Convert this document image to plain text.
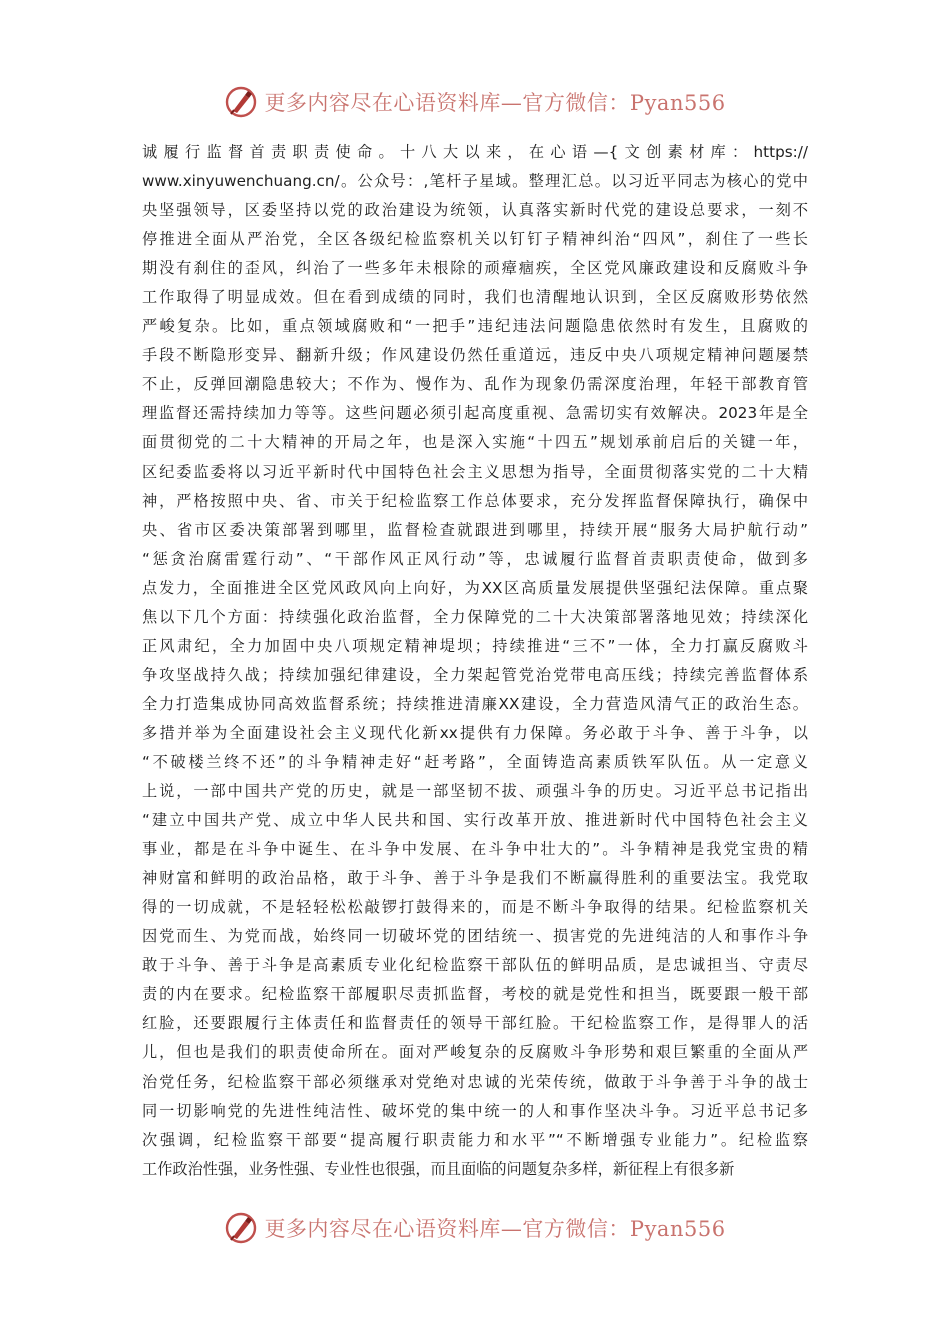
更多内容尽在心语资料库—官方微信：Pyan556
诚履行监督首责职责使命。十八大以来，在心语—{文创素材库：https://
www.xinyuwenchuang.cn/。公众号：,笔杆子星域。整理汇总。以习近平同志为核心的党中
央坚强领导，区委坚持以党的政治建设为统领，认真落实新时代党的建设总要求，一刻不
停推进全面从严治党，全区各级纪检监察机关以钉钉子精神纠治“四风”，刹住了一些长
期没有刹住的歪风，纠治了一些多年未根除的顽瘴痼疾，全区党风廉政建设和反腐败斗争
工作取得了明显成效。但在看到成绩的同时，我们也清醒地认识到，全区反腐败形势依然
严峻复杂。比如，重点领域腐败和“一把手”违纪违法问题隐患依然时有发生，且腐败的
手段不断隐形变异、翻新升级；作风建设仍然任重道远，违反中央八项规定精神问题屡禁
不止，反弹回潮隐患较大；不作为、慢作为、乱作为现象仍需深度治理，年轻干部教育管
理监督还需持续加力等等。这些问题必须引起高度重视、急需切实有效解决。2023年是全
面贯彻党的二十大精神的开局之年，也是深入实施“十四五”规划承前启后的关键一年，
区纪委监委将以习近平新时代中国特色社会主义思想为指导，全面贯彻落实党的二十大精
神，严格按照中央、省、市关于纪检监察工作总体要求，充分发挥监督保障执行，确保中
央、省市区委决策部署到哪里，监督检查就跟进到哪里，持续开展“服务大局护航行动”
“惩贪治腐雷霆行动”、“干部作风正风行动”等，忠诚履行监督首责职责使命，做到多
点发力，全面推进全区党风政风向上向好，为XX区高质量发展提供坚强纪法保障。重点聚
焦以下几个方面：持续强化政治监督，全力保障党的二十大决策部署落地见效；持续深化
正风肃纪，全力加固中央八项规定精神堤坝；持续推进“三不”一体，全力打赢反腐败斗
争攻坚战持久战；持续加强纪律建设，全力架起管党治党带电高压线；持续完善监督体系
全力打造集成协同高效监督系统；持续推进清廉XX建设，全力营造风清气正的政治生态。
多措并举为全面建设社会主义现代化新xx提供有力保障。务必敢于斗争、善于斗争，以
“不破楼兰终不还”的斗争精神走好“赶考路”，全面铸造高素质铁军队伍。从一定意义
上说，一部中国共产党的历史，就是一部坚韧不拔、顽强斗争的历史。习近平总书记指出
“建立中国共产党、成立中华人民共和国、实行改革开放、推进新时代中国特色社会主义
事业，都是在斗争中诞生、在斗争中发展、在斗争中壮大的”。斗争精神是我党宝贵的精
神财富和鲜明的政治品格，敢于斗争、善于斗争是我们不断赢得胜利的重要法宝。我党取
得的一切成就，不是轻轻松松敲锣打鼓得来的，而是不断斗争取得的结果。纪检监察机关
因党而生、为党而战，始终同一切破坏党的团结统一、损害党的先进纯洁的人和事作斗争
敢于斗争、善于斗争是高素质专业化纪检监察干部队伍的鲜明品质，是忠诚担当、守责尽
责的内在要求。纪检监察干部履职尽责抓监督，考校的就是党性和担当，既要跟一般干部
红脸，还要跟履行主体责任和监督责任的领导干部红脸。干纪检监察工作，是得罪人的活
儿，但也是我们的职责使命所在。面对严峻复杂的反腐败斗争形势和艰巨繁重的全面从严
治党任务，纪检监察干部必须继承对党绝对忠诚的光荣传统，做敢于斗争善于斗争的战士
同一切影响党的先进性纯洁性、破坏党的集中统一的人和事作坚决斗争。习近平总书记多
次强调，纪检监察干部要“提高履行职责能力和水平”“不断增强专业能力”。纪检监察
工作政治性强，业务性强、专业性也很强，而且面临的问题复杂多样，新征程上有很多新
更多内容尽在心语资料库—官方微信：Pyan556
